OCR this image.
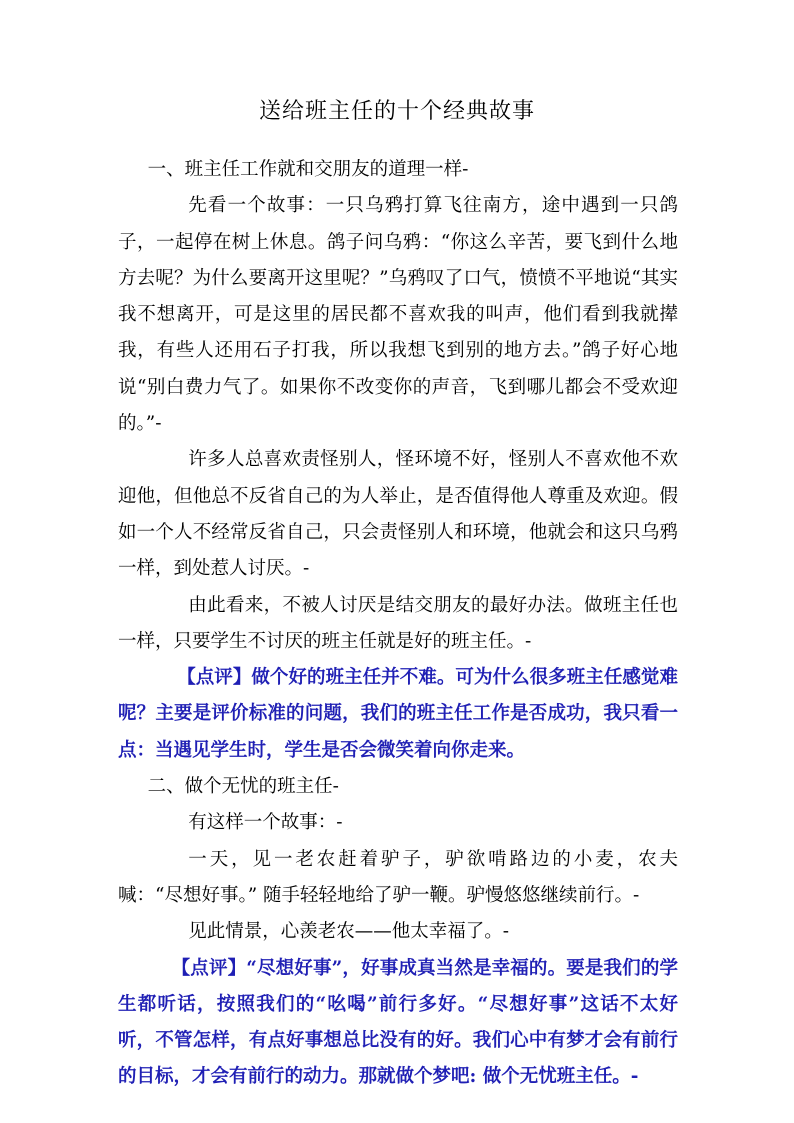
送给班主任的十个经典故事

一、班主任工作就和交朋友的道理一样-

先看一个故事：一只乌鸦打算飞往南方，途中遇到一只鸽子，一起停在树上休息。鸽子问乌鸦：“你这么辛苦，要飞到什么地方去呢？为什么要离开这里呢？”乌鸦叹了口气，愤愤不平地说“其实我不想离开，可是这里的居民都不喜欢我的叫声，他们看到我就撵我，有些人还用石子打我，所以我想飞到别的地方去。”鸽子好心地说“别白费力气了。如果你不改变你的声音，飞到哪儿都会不受欢迎的。”-

许多人总喜欢责怪别人，怪环境不好，怪别人不喜欢他不欢迎他，但他总不反省自己的为人举止，是否值得他人尊重及欢迎。假如一个人不经常反省自己，只会责怪别人和环境，他就会和这只乌鸦一样，到处惹人讨厌。-

由此看来，不被人讨厌是结交朋友的最好办法。做班主任也一样，只要学生不讨厌的班主任就是好的班主任。-

【点评】做个好的班主任并不难。可为什么很多班主任感觉难呢？主要是评价标准的问题，我们的班主任工作是否成功，我只看一点：当遇见学生时，学生是否会微笑着向你走来。

二、做个无忧的班主任-

有这样一个故事：-

一天，见一老农赶着驴子，驴欲啃路边的小麦，农夫喊：“尽想好事。” 随手轻轻地给了驴一鞭。驴慢悠悠继续前行。-

见此情景，心羡老农——他太幸福了。-

【点评】“尽想好事”，好事成真当然是幸福的。要是我们的学生都听话，按照我们的“吆喝”前行多好。“尽想好事”这话不太好听，不管怎样，有点好事想总比没有的好。我们心中有梦才会有前行的目标，才会有前行的动力。那就做个梦吧: 做个无忧班主任。-
